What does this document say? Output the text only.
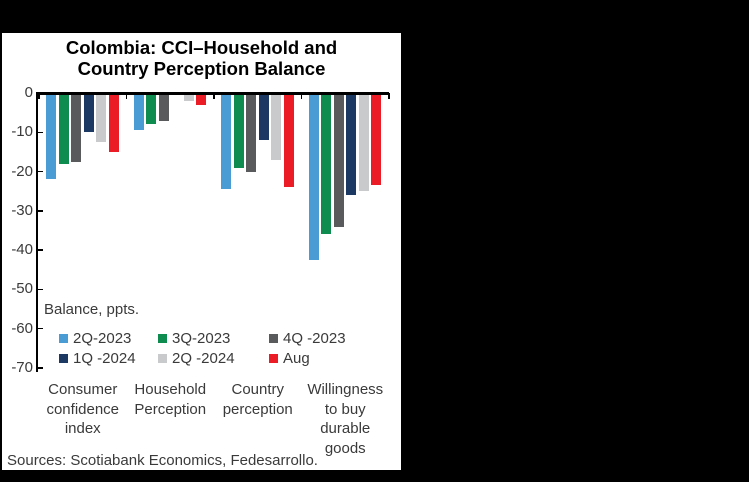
Colombia: CCI–Household and
Country Perception Balance
0
-10
-20
-30
-40
-50
-60
-70
Consumer
confidence
index
Household
Perception
Country
perception
Willingness
to buy
durable
goods
Balance, ppts.
2Q-2023	3Q-2023	4Q -2023
1Q -2024 2Q -2024	Aug
Sources: Scotiabank Economics, Fedesarrollo.
